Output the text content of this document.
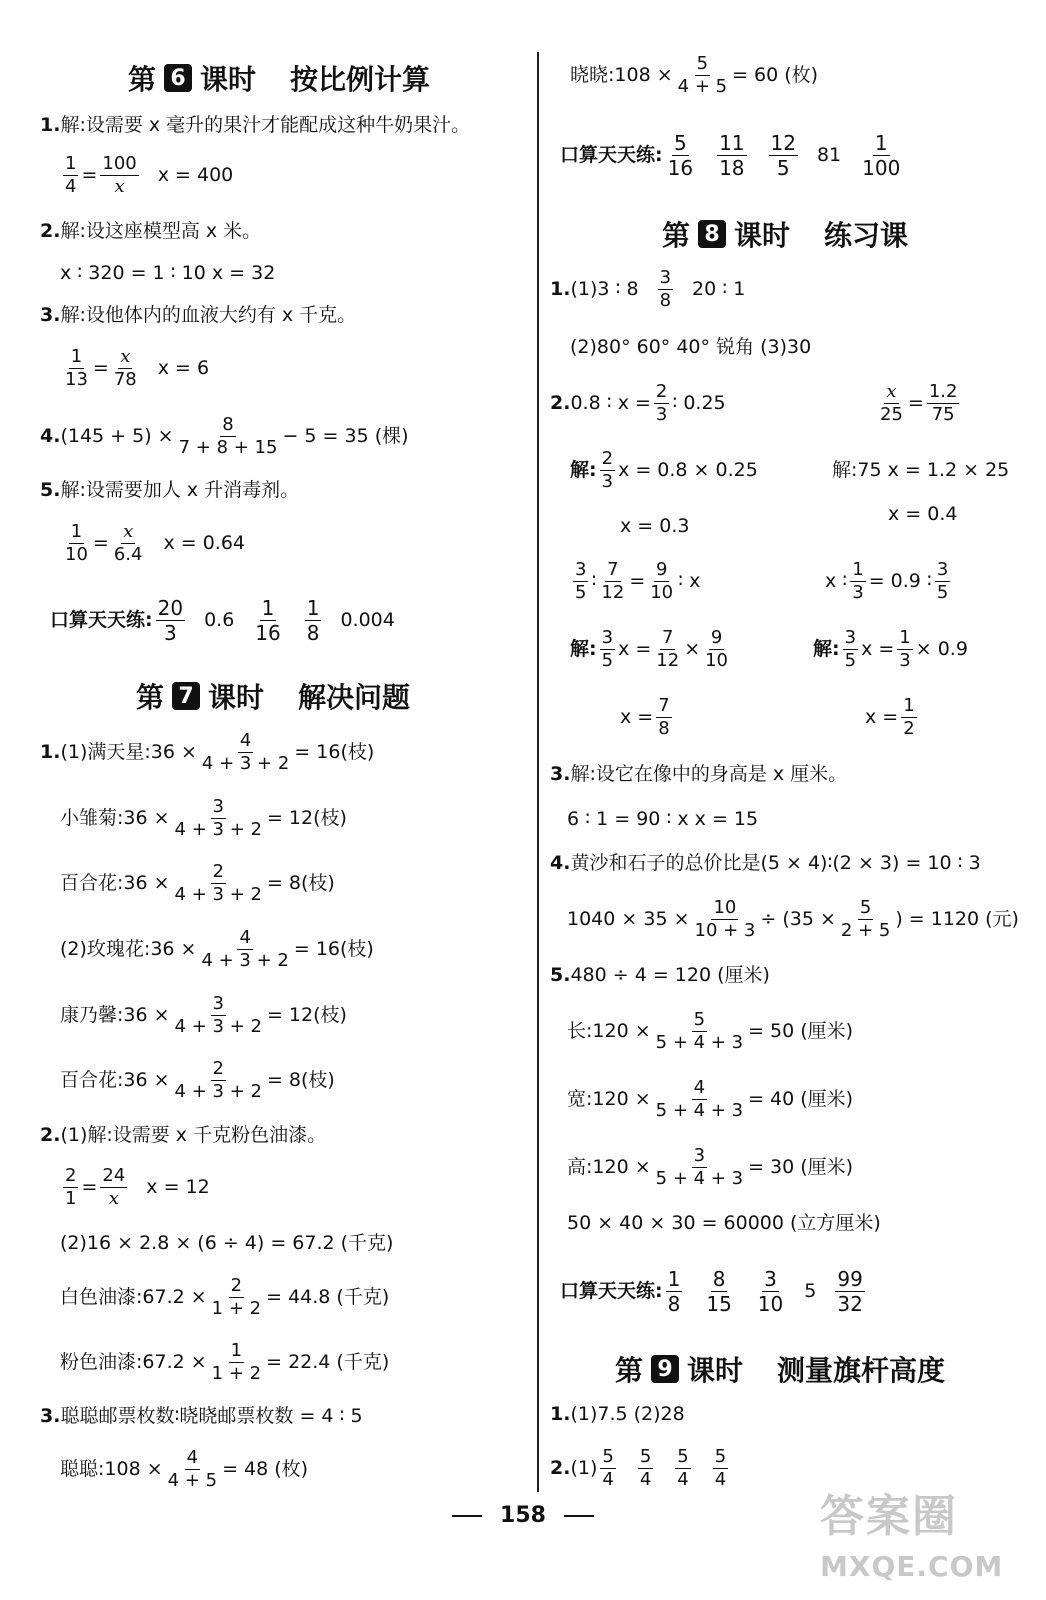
第 6 课时 按比例计算
1. 解:设需要 x 毫升的果汁才能配成这种牛奶果汁。
$\frac{1}{4} = \frac{100}{x}$ x = 400
2. 解:设这座模型高 x 米。
x ∶ 320 = 1 ∶ 10 x = 32
3. 解:设他体内的血液大约有 x 千克。
$\frac{1}{13} = \frac{x}{78}$ x = 6
4. $(145 + 5) \times \frac{8}{7 + 8 + 15} - 5 = 35$ (棵)
5. 解:设需要加人 x 升消毒剂。
$\frac{1}{10} = \frac{x}{6.4}$ x = 0.64
口算天天练: $\frac{20}{3} 0.6 \frac{1}{16} \frac{1}{8} 0.004$
第 7 课时 解决问题
1. (1)满天星:36 × $\frac{4}{4 + 3 + 2} = 16$(枝)
小雏菊:36 × $\frac{3}{4 + 3 + 2} = 12$(枝)
百合花:36 × $\frac{2}{4 + 3 + 2} = 8$(枝)
(2)玫瑰花:36 × $\frac{4}{4 + 3 + 2} = 16$(枝)
康乃馨:36 × $\frac{3}{4 + 3 + 2} = 12$(枝)
百合花:36 × $\frac{2}{4 + 3 + 2} = 8$(枝)
2. (1)解:设需要 x 千克粉色油漆。
$\frac{2}{1} = \frac{24}{x}$ x = 12
(2)16 × 2.8 × (6 ÷ 4) = 67.2 (千克)
白色油漆:67.2 × $\frac{2}{1 + 2} = 44.8$ (千克)
粉色油漆:67.2 × $\frac{1}{1 + 2} = 22.4$ (千克)
3. 聪聪邮票枚数∶晓晓邮票枚数 = 4 ∶ 5
聪聪:108 × $\frac{4}{4 + 5} = 48$ (枚)
晓晓:108 × $\frac{5}{4 + 5} = 60$ (枚)
口算天天练: $\frac{5}{16} \frac{11}{18} \frac{12}{5} 81 \frac{1}{100}$
第 8 课时 练习课
1. (1)3 ∶ $8 \frac{3}{8} 20$ ∶ 1
(2)80° 60° 40° 锐角 (3)30
2. 0.8 ∶ $x = \frac{2}{3}$ ∶ 0.25
解: $\frac{2}{3}$ x = 0.8 × 0.25
x = 0.3
$\frac{3}{5}$ ∶ $\frac{7}{12} = \frac{9}{10}$ ∶ x
解: $\frac{3}{5}$ $x = \frac{7}{12} \times \frac{9}{10}$
$x = \frac{7}{8}$
$\frac{x}{25} = \frac{1.2}{75}$
解:75 x = 1.2 × 25
x = 0.4
x ∶ $\frac{1}{3} = 0.9$ ∶ $\frac{3}{5}$
解: $\frac{3}{5}$ $x = \frac{1}{3} \times 0.9$
$x = \frac{1}{2}$
3. 解:设它在像中的身高是 x 厘米。
6 ∶ 1 = 90 ∶ x x = 15
4. 黄沙和石子的总价比是(5 × 4)∶(2 × 3) = 10 ∶ 3
$1040 \times 35 \times \frac{10}{10 + 3} \div (35 \times \frac{5}{2 + 5}$ ) = 1120 (元)
5. 480 ÷ 4 = 120 (厘米)
长:120 × $\frac{5}{5 + 4 + 3} = 50$ (厘米)
宽:120 × $\frac{4}{5 + 4 + 3} = 40$ (厘米)
高:120 × $\frac{3}{5 + 4 + 3} = 30$ (厘米)
50 × 40 × 30 = 60000 (立方厘米)
口算天天练: $\frac{1}{8} \frac{8}{15} \frac{3}{10} 5 \frac{99}{32}$
第 9 课时 测量旗杆高度
1. (1)7.5 (2)28
2. $(1) \frac{5}{4} \frac{5}{4} \frac{5}{4} \frac{5}{4}$
158	答案圈
MXQE.COM
